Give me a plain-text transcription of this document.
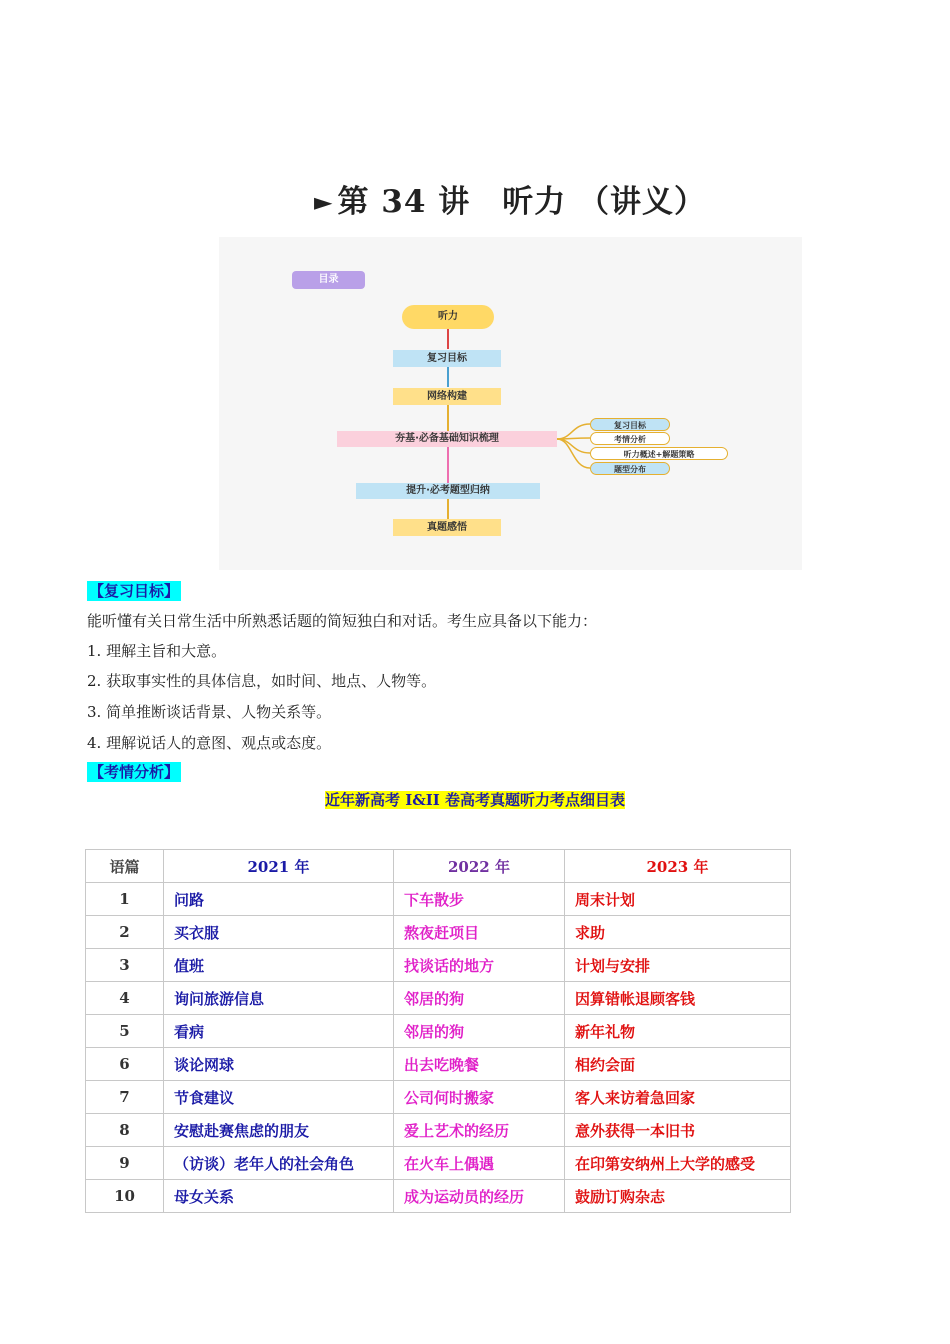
► 第 34 讲　听力 （讲义）
目录
听力
复习目标
网络构建
夯基·必备基础知识梳理
提升·必考题型归纳
真题感悟
复习目标
考情分析
听力概述+解题策略
题型分布
【复习目标】
能听懂有关日常生活中所熟悉话题的简短独白和对话。考生应具备以下能力：
1. 理解主旨和大意。
2. 获取事实性的具体信息，如时间、地点、人物等。
3. 简单推断谈话背景、人物关系等。
4. 理解说话人的意图、观点或态度。
【考情分析】
近年新高考 I&II 卷高考真题听力考点细目表
语篇	2021 年	2022 年	2023 年
1	问路	下车散步	周末计划
2	买衣服	熬夜赶项目	求助
3	值班	找谈话的地方	计划与安排
4	询问旅游信息	邻居的狗	因算错帐退顾客钱
5	看病	邻居的狗	新年礼物
6	谈论网球	出去吃晚餐	相约会面
7	节食建议	公司何时搬家	客人来访着急回家
8	安慰赴赛焦虑的朋友	爱上艺术的经历	意外获得一本旧书
9	（访谈）老年人的社会角色	在火车上偶遇	在印第安纳州上大学的感受
10	母女关系	成为运动员的经历	鼓励订购杂志
